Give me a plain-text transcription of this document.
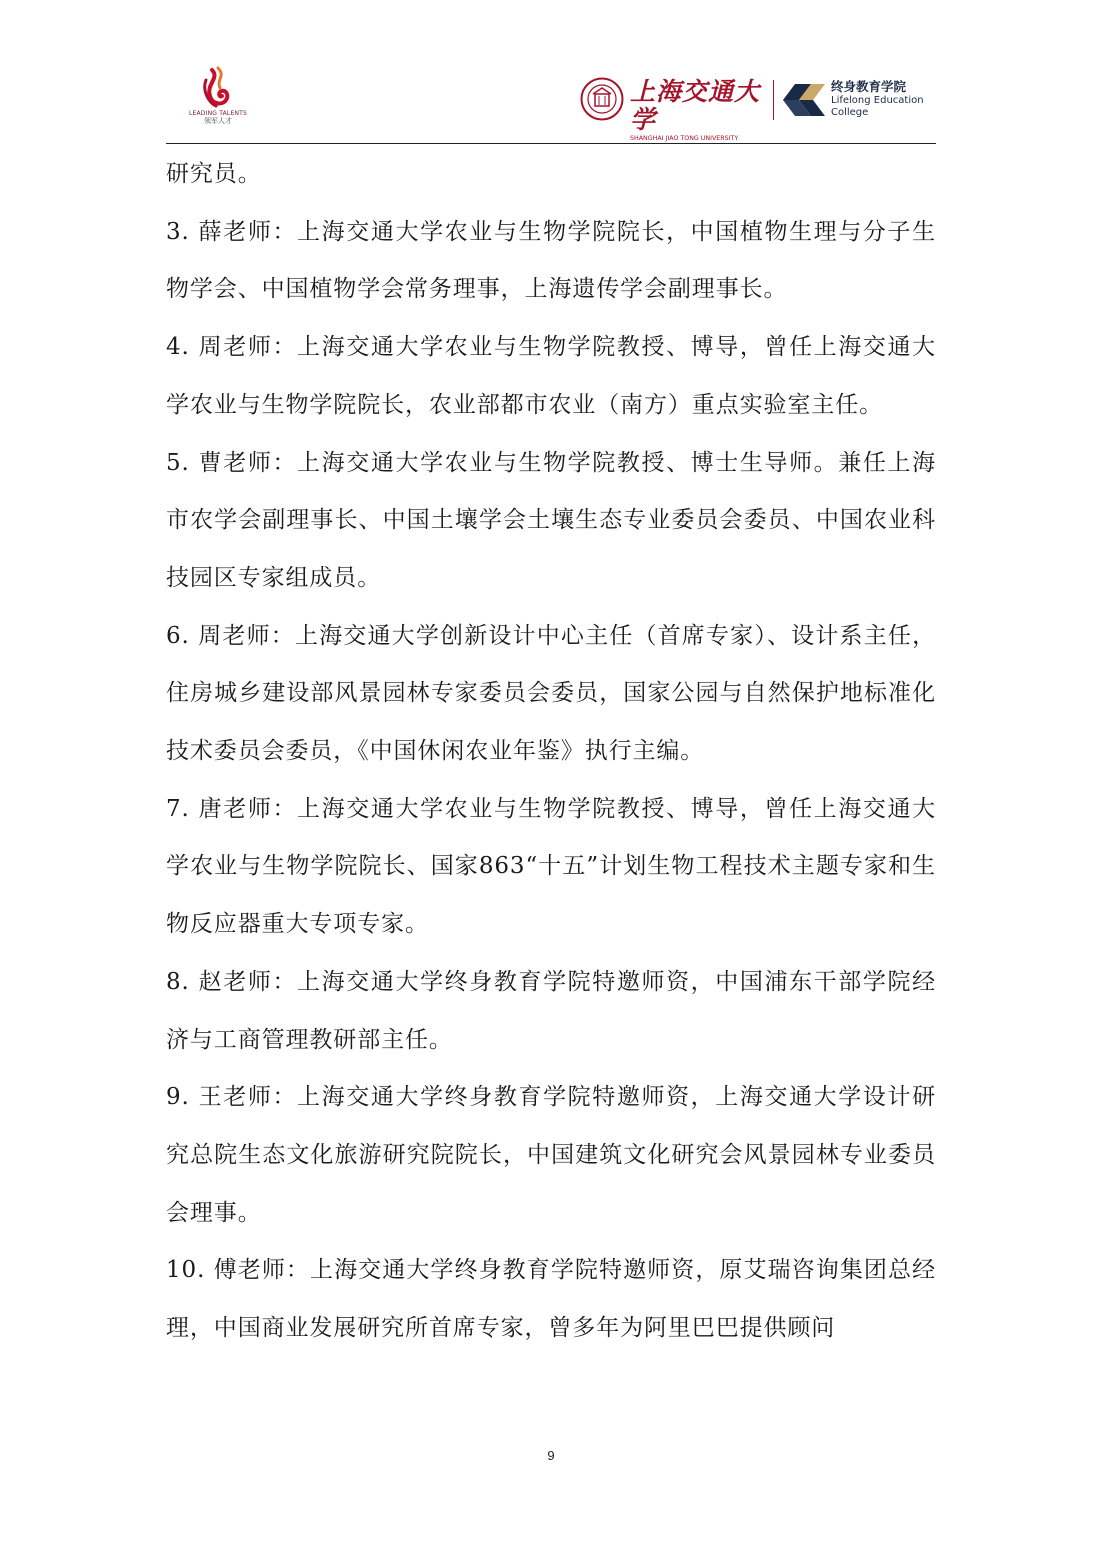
LEADING TALENTS
领军人才
上海交通大学
SHANGHAI JIAO TONG UNIVERSITY
终身教育学院
Lifelong Education
College

研究员。

3. 薛老师：上海交通大学农业与生物学院院长，中国植物生理与分子生物学会、中国植物学会常务理事，上海遗传学会副理事长。

4. 周老师：上海交通大学农业与生物学院教授、博导，曾任上海交通大学农业与生物学院院长，农业部都市农业（南方）重点实验室主任。

5. 曹老师：上海交通大学农业与生物学院教授、博士生导师。兼任上海市农学会副理事长、中国土壤学会土壤生态专业委员会委员、中国农业科技园区专家组成员。

6. 周老师：上海交通大学创新设计中心主任（首席专家）、设计系主任，住房城乡建设部风景园林专家委员会委员，国家公园与自然保护地标准化技术委员会委员，《中国休闲农业年鉴》执行主编。

7. 唐老师：上海交通大学农业与生物学院教授、博导，曾任上海交通大学农业与生物学院院长、国家863“十五”计划生物工程技术主题专家和生物反应器重大专项专家。

8. 赵老师：上海交通大学终身教育学院特邀师资，中国浦东干部学院经济与工商管理教研部主任。

9. 王老师：上海交通大学终身教育学院特邀师资，上海交通大学设计研究总院生态文化旅游研究院院长，中国建筑文化研究会风景园林专业委员会理事。

10. 傅老师：上海交通大学终身教育学院特邀师资，原艾瑞咨询集团总经理，中国商业发展研究所首席专家，曾多年为阿里巴巴提供顾问

9
